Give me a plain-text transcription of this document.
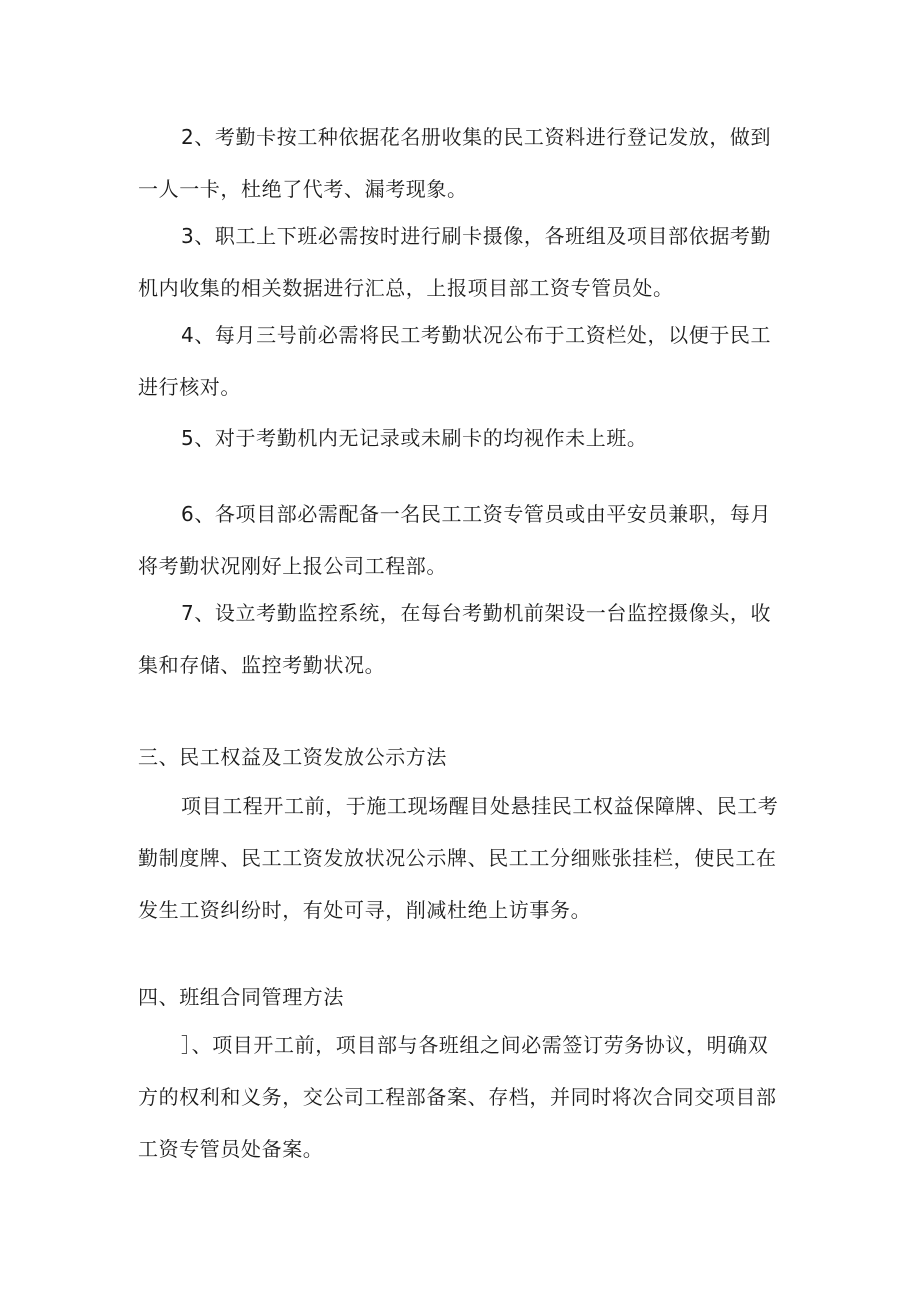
2、考勤卡按工种依据花名册收集的民工资料进行登记发放，做到一人一卡，杜绝了代考、漏考现象。

3、职工上下班必需按时进行刷卡摄像，各班组及项目部依据考勤机内收集的相关数据进行汇总，上报项目部工资专管员处。

4、每月三号前必需将民工考勤状况公布于工资栏处，以便于民工进行核对。

5、对于考勤机内无记录或未刷卡的均视作未上班。

6、各项目部必需配备一名民工工资专管员或由平安员兼职，每月将考勤状况刚好上报公司工程部。

7、设立考勤监控系统，在每台考勤机前架设一台监控摄像头，收集和存储、监控考勤状况。

三、民工权益及工资发放公示方法

项目工程开工前，于施工现场醒目处悬挂民工权益保障牌、民工考勤制度牌、民工工资发放状况公示牌、民工工分细账张挂栏，使民工在发生工资纠纷时，有处可寻，削减杜绝上访事务。

四、班组合同管理方法

］、项目开工前，项目部与各班组之间必需签订劳务协议，明确双方的权利和义务，交公司工程部备案、存档，并同时将次合同交项目部工资专管员处备案。
